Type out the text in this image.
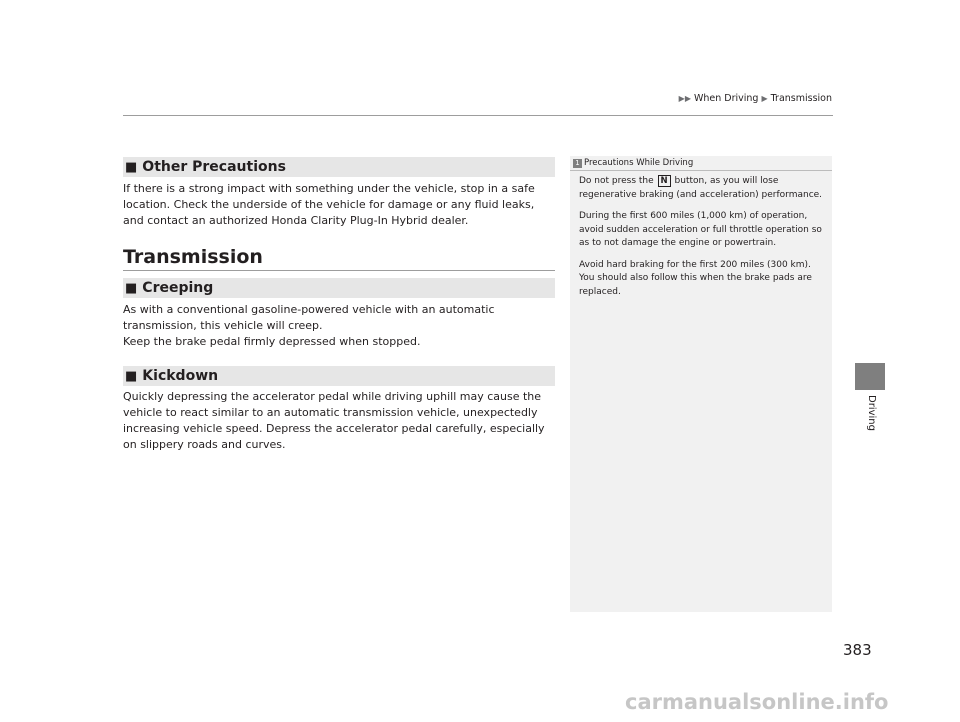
▶▶ When Driving ▶ Transmission
■ Other Precautions

If there is a strong impact with something under the vehicle, stop in a safe location. Check the underside of the vehicle for damage or any fluid leaks, and contact an authorized Honda Clarity Plug-In Hybrid dealer.

Transmission
■ Creeping

As with a conventional gasoline-powered vehicle with an automatic transmission, this vehicle will creep.

Keep the brake pedal firmly depressed when stopped.

■ Kickdown

Quickly depressing the accelerator pedal while driving uphill may cause the vehicle to react similar to an automatic transmission vehicle, unexpectedly increasing vehicle speed. Depress the accelerator pedal carefully, especially on slippery roads and curves.

1 Precautions While Driving

Do not press the N button, as you will lose regenerative braking (and acceleration) performance.

During the first 600 miles (1,000 km) of operation, avoid sudden acceleration or full throttle operation so as to not damage the engine or powertrain.

Avoid hard braking for the first 200 miles (300 km). You should also follow this when the brake pads are replaced.

Driving
383
carmanualsonline.info
